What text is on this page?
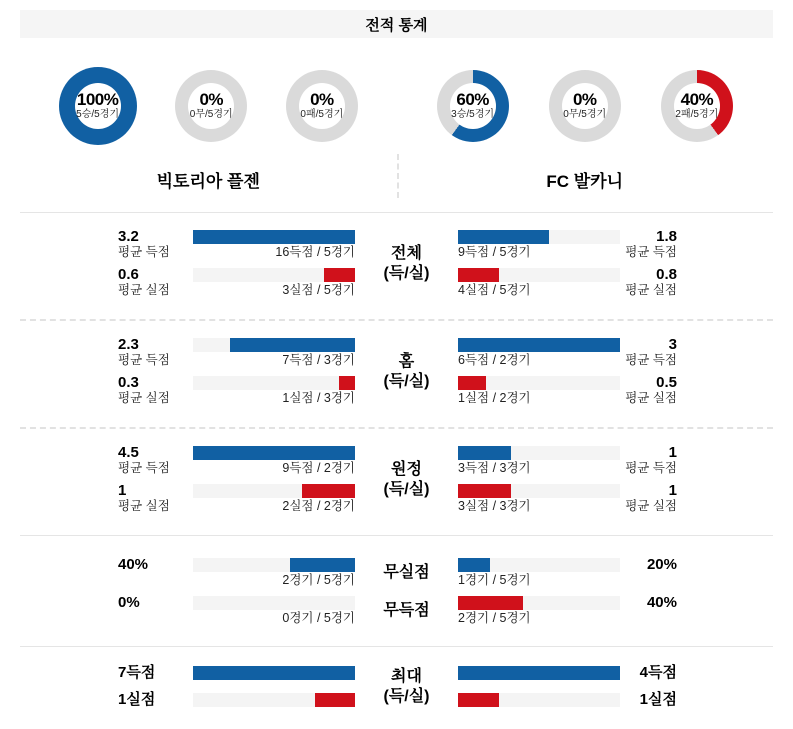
전적 통계
100%
5승/5경기
0%
0무/5경기
0%
0패/5경기
60%
3승/5경기
0%
0무/5경기
40%
2패/5경기
빅토리아 플젠	FC 발카니
3.2
평균 득점
0.6
평균 실점
16득점 / 5경기
3실점 / 5경기
전체
(득/실)
9득점 / 5경기
4실점 / 5경기
1.8
평균 득점
0.8
평균 실점
2.3
평균 득점
0.3
평균 실점
7득점 / 3경기
1실점 / 3경기
홈
(득/실)
6득점 / 2경기
1실점 / 2경기
3
평균 득점
0.5
평균 실점
4.5
평균 득점
1
평균 실점
9득점 / 2경기
2실점 / 2경기
원정
(득/실)
3득점 / 3경기
3실점 / 3경기
1
평균 득점
1
평균 실점
40%
0%
2경기 / 5경기
0경기 / 5경기
무실점
무득점
1경기 / 5경기
2경기 / 5경기
20%
40%
7득점
1실점
최대
(득/실)
4득점
1실점
